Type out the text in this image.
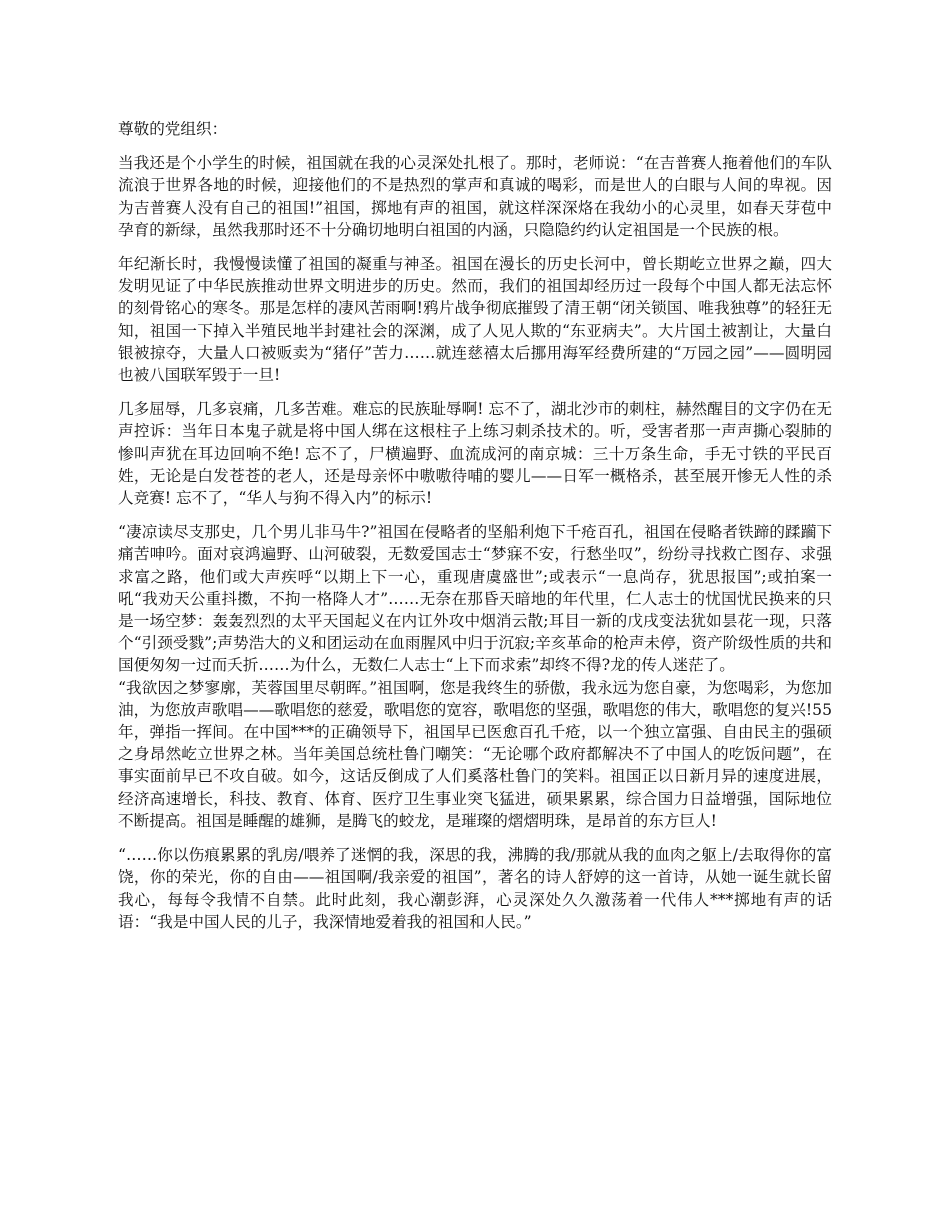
尊敬的党组织：

当我还是个小学生的时候，祖国就在我的心灵深处扎根了。那时，老师说：“在吉普赛人拖着他们的车队流浪于世界各地的时候，迎接他们的不是热烈的掌声和真诚的喝彩，而是世人的白眼与人间的卑视。因为吉普赛人没有自己的祖国!”祖国，掷地有声的祖国，就这样深深烙在我幼小的心灵里，如春天芽苞中孕育的新绿，虽然我那时还不十分确切地明白祖国的内涵，只隐隐约约认定祖国是一个民族的根。

年纪渐长时，我慢慢读懂了祖国的凝重与神圣。祖国在漫长的历史长河中，曾长期屹立世界之巅，四大发明见证了中华民族推动世界文明进步的历史。然而，我们的祖国却经历过一段每个中国人都无法忘怀的刻骨铭心的寒冬。那是怎样的凄风苦雨啊!鸦片战争彻底摧毁了清王朝“闭关锁国、唯我独尊”的轻狂无知，祖国一下掉入半殖民地半封建社会的深渊，成了人见人欺的“东亚病夫”。大片国土被割让，大量白银被掠夺，大量人口被贩卖为“猪仔”苦力……就连慈禧太后挪用海军经费所建的“万园之园”——圆明园也被八国联军毁于一旦!

几多屈辱，几多哀痛，几多苦难。难忘的民族耻辱啊! 忘不了，湖北沙市的刺柱，赫然醒目的文字仍在无声控诉：当年日本鬼子就是将中国人绑在这根柱子上练习刺杀技术的。听，受害者那一声声撕心裂肺的惨叫声犹在耳边回响不绝! 忘不了，尸横遍野、血流成河的南京城：三十万条生命，手无寸铁的平民百姓，无论是白发苍苍的老人，还是母亲怀中嗷嗷待哺的婴儿——日军一概格杀，甚至展开惨无人性的杀人竞赛! 忘不了，“华人与狗不得入内”的标示!

“凄凉读尽支那史，几个男儿非马牛?”祖国在侵略者的坚船利炮下千疮百孔，祖国在侵略者铁蹄的蹂躏下痛苦呻吟。面对哀鸿遍野、山河破裂，无数爱国志士“梦寐不安，行愁坐叹”，纷纷寻找救亡图存、求强求富之路，他们或大声疾呼“以期上下一心，重现唐虞盛世”;或表示“一息尚存，犹思报国”;或拍案一吼“我劝天公重抖擞，不拘一格降人才”……无奈在那昏天暗地的年代里，仁人志士的忧国忧民换来的只是一场空梦：轰轰烈烈的太平天国起义在内讧外攻中烟消云散;耳目一新的戊戌变法犹如昙花一现，只落个“引颈受戮”;声势浩大的义和团运动在血雨腥风中归于沉寂;辛亥革命的枪声未停，资产阶级性质的共和国便匆匆一过而夭折……为什么，无数仁人志士“上下而求索”却终不得?龙的传人迷茫了。

“我欲因之梦寥廓，芙蓉国里尽朝晖。”祖国啊，您是我终生的骄傲，我永远为您自豪，为您喝彩，为您加油，为您放声歌唱——歌唱您的慈爱，歌唱您的宽容，歌唱您的坚强，歌唱您的伟大，歌唱您的复兴!55 年，弹指一挥间。在中国***的正确领导下，祖国早已医愈百孔千疮，以一个独立富强、自由民主的强硕之身昂然屹立世界之林。当年美国总统杜鲁门嘲笑：“无论哪个政府都解决不了中国人的吃饭问题”，在事实面前早已不攻自破。如今，这话反倒成了人们奚落杜鲁门的笑料。祖国正以日新月异的速度进展，经济高速增长，科技、教育、体育、医疗卫生事业突飞猛进，硕果累累，综合国力日益增强，国际地位不断提高。祖国是睡醒的雄狮，是腾飞的蛟龙，是璀璨的熠熠明珠，是昂首的东方巨人!

“……你以伤痕累累的乳房/喂养了迷惘的我，深思的我，沸腾的我/那就从我的血肉之躯上/去取得你的富饶，你的荣光，你的自由——祖国啊/我亲爱的祖国”，著名的诗人舒婷的这一首诗，从她一诞生就长留我心，每每令我情不自禁。此时此刻，我心潮彭湃，心灵深处久久激荡着一代伟人***掷地有声的话语：“我是中国人民的儿子，我深情地爱着我的祖国和人民。”
